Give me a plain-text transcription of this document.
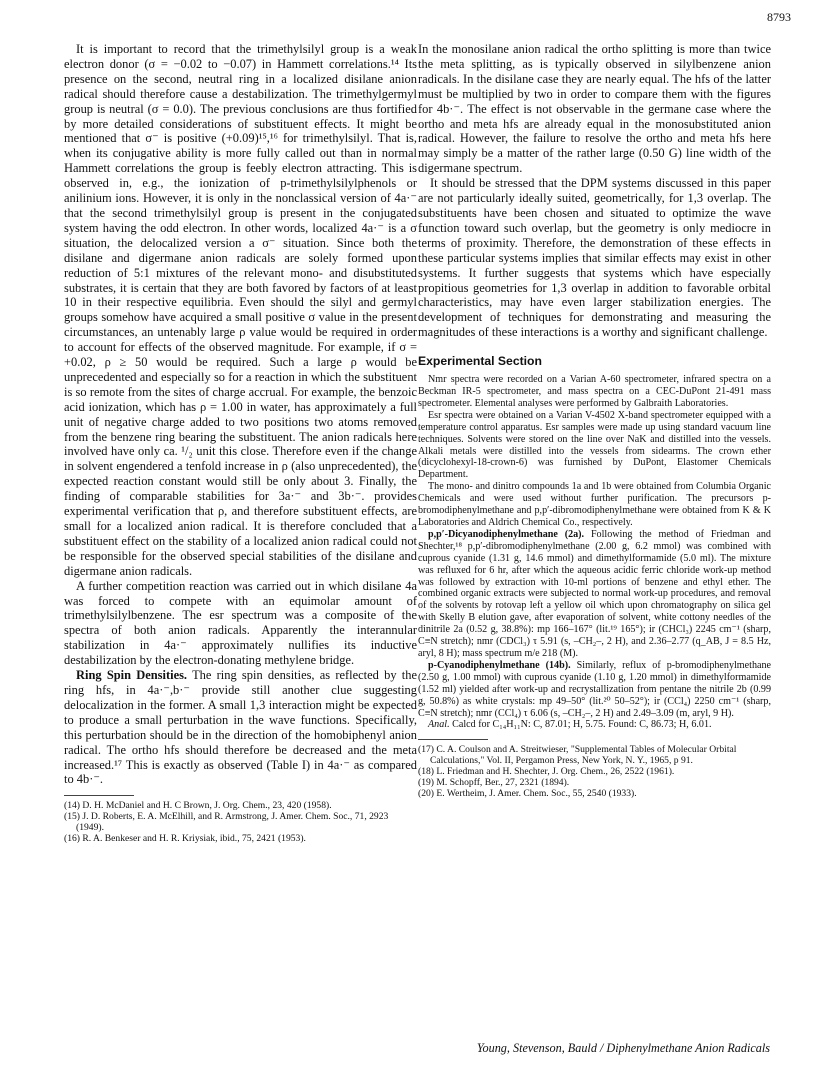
8793

It is important to record that the trimethylsilyl group is a weak electron donor (σ = −0.02 to −0.07) in Hammett correlations.¹⁴ Its presence on the second, neutral ring in a localized disilane anion radical should therefore cause a destabilization. The trimethylgermyl group is neutral (σ = 0.0). The previous conclusions are thus fortified by more detailed considerations of substituent effects. It might be mentioned that σ⁻ is positive (+0.09)¹⁵,¹⁶ for trimethylsilyl. That is, when its conjugative ability is more fully called out than in normal Hammett correlations the group is feebly electron attracting. This is observed in, e.g., the ionization of p-trimethylsilylphenols or anilinium ions. However, it is only in the nonclassical version of 4a·⁻ that the second trimethylsilyl group is present in the conjugated system having the odd electron. In other words, localized 4a·⁻ is a σ situation, the delocalized version a σ⁻ situation. Since both the disilane and digermane anion radicals are solely formed upon reduction of 5:1 mixtures of the relevant mono- and disubstituted substrates, it is certain that they are both favored by factors of at least 10 in their respective equilibria. Even should the silyl and germyl groups somehow have acquired a small positive σ value in the present circumstances, an untenably large ρ value would be required in order to account for effects of the observed magnitude. For example, if σ = +0.02, ρ ≥ 50 would be required. Such a large ρ would be unprecedented and especially so for a reaction in which the substituent is so remote from the sites of charge accrual. For example, the benzoic acid ionization, which has ρ = 1.00 in water, has approximately a full unit of negative charge added to two positions two atoms removed from the benzene ring bearing the substituent. The anion radicals here involved have only ca. ¹/₂ unit this close. Therefore even if the change in solvent engendered a tenfold increase in ρ (also unprecedented), the expected reaction constant would still be only about 3. Finally, the finding of comparable stabilities for 3a·⁻ and 3b·⁻. provides experimental verification that ρ, and therefore substituent effects, are small for a localized anion radical. It is therefore concluded that a substituent effect on the stability of a localized anion radical could not be responsible for the observed special stabilities of the disilane and digermane anion radicals.

A further competition reaction was carried out in which disilane 4a was forced to compete with an equimolar amount of trimethylsilylbenzene. The esr spectrum was a composite of the spectra of both anion radicals. Apparently the interannular stabilization in 4a·⁻ approximately nullifies its inductive destabilization by the electron-donating methylene bridge.

Ring Spin Densities. The ring spin densities, as reflected by the ring hfs, in 4a·⁻,b·⁻ provide still another clue suggesting delocalization in the former. A small 1,3 interaction might be expected to produce a small perturbation in the wave functions. Specifically, this perturbation should be in the direction of the homobiphenyl anion radical. The ortho hfs should therefore be decreased and the meta increased.¹⁷ This is exactly as observed (Table I) in 4a·⁻ as compared to 4b·⁻.

(14) D. H. McDaniel and H. C Brown, J. Org. Chem., 23, 420 (1958).

(15) J. D. Roberts, E. A. McElhill, and R. Armstrong, J. Amer. Chem. Soc., 71, 2923 (1949).

(16) R. A. Benkeser and H. R. Kriysiak, ibid., 75, 2421 (1953).

In the monosilane anion radical the ortho splitting is more than twice the meta splitting, as is typically observed in silylbenzene anion radicals. In the disilane case they are nearly equal. The hfs of the latter must be multiplied by two in order to compare them with the figures for 4b·⁻. The effect is not observable in the germane case where the ortho and meta hfs are already equal in the monosubstituted anion radical. However, the failure to resolve the ortho and meta hfs here may simply be a matter of the rather large (0.50 G) line width of the digermane spectrum.

It should be stressed that the DPM systems discussed in this paper are not particularly ideally suited, geometrically, for 1,3 overlap. The substituents have been chosen and situated to optimize the wave function toward such overlap, but the geometry is only mediocre in terms of proximity. Therefore, the demonstration of these effects in these particular systems implies that similar effects may exist in other systems. It further suggests that systems which have especially propitious geometries for 1,3 overlap in addition to favorable orbital characteristics, may have even larger stabilization energies. The development of techniques for demonstrating and measuring the magnitudes of these interactions is a worthy and significant challenge.

Experimental Section

Nmr spectra were recorded on a Varian A-60 spectrometer, infrared spectra on a Beckman IR-5 spectrometer, and mass spectra on a CEC-DuPont 21-491 mass spectrometer. Elemental analyses were performed by Galbraith Laboratories.

Esr spectra were obtained on a Varian V-4502 X-band spectrometer equipped with a temperature control apparatus. Esr samples were made up using standard vacuum line techniques. Solvents were stored on the line over NaK and distilled into the vessels. Alkali metals were distilled into the vessels from sidearms. The crown ether (dicyclohexyl-18-crown-6) was furnished by DuPont, Elastomer Chemicals Department.

The mono- and dinitro compounds 1a and 1b were obtained from Columbia Organic Chemicals and were used without further purification. The precursors p-bromodiphenylmethane and p,p′-dibromodiphenylmethane were obtained from K & K Laboratories and Aldrich Chemical Co., respectively.

p,p′-Dicyanodiphenylmethane (2a). Following the method of Friedman and Shechter,¹⁸ p,p′-dibromodiphenylmethane (2.00 g, 6.2 mmol) was combined with cuprous cyanide (1.31 g, 14.6 mmol) and dimethylformamide (5.0 ml). The mixture was refluxed for 6 hr, after which the aqueous acidic ferric chloride work-up method was followed by extraction with 10-ml portions of benzene and ethyl ether. The combined organic extracts were subjected to normal work-up procedures, and removal of the solvents by rotovap left a yellow oil which upon chromatography on silica gel with Skelly B elution gave, after evaporation of solvent, white cottony needles of the dinitrile 2a (0.52 g, 38.8%): mp 166–167° (lit.¹⁹ 165°); ir (CHCl₃) 2245 cm⁻¹ (sharp, C≡N stretch); nmr (CDCl₃) τ 5.91 (s, –CH₂–, 2 H), and 2.36–2.77 (q_AB, J = 8.5 Hz, aryl, 8 H); mass spectrum m/e 218 (M).

p-Cyanodiphenylmethane (14b). Similarly, reflux of p-bromodiphenylmethane (2.50 g, 1.00 mmol) with cuprous cyanide (1.10 g, 1.20 mmol) in dimethylformamide (1.52 ml) yielded after work-up and recrystallization from pentane the nitrile 2b (0.99 g, 50.8%) as white crystals: mp 49–50° (lit.²⁰ 50–52°); ir (CCl₄) 2250 cm⁻¹ (sharp, C≡N stretch); nmr (CCl₄) τ 6.06 (s, –CH₂–, 2 H) and 2.49–3.09 (m, aryl, 9 H).

Anal. Calcd for C₁₄H₁₁N: C, 87.01; H, 5.75. Found: C, 86.73; H, 6.01.

(17) C. A. Coulson and A. Streitwieser, "Supplemental Tables of Molecular Orbital Calculations," Vol. II, Pergamon Press, New York, N. Y., 1965, p 91.

(18) L. Friedman and H. Shechter, J. Org. Chem., 26, 2522 (1961).

(19) M. Schopff, Ber., 27, 2321 (1894).

(20) E. Wertheim, J. Amer. Chem. Soc., 55, 2540 (1933).

Young, Stevenson, Bauld / Diphenylmethane Anion Radicals
